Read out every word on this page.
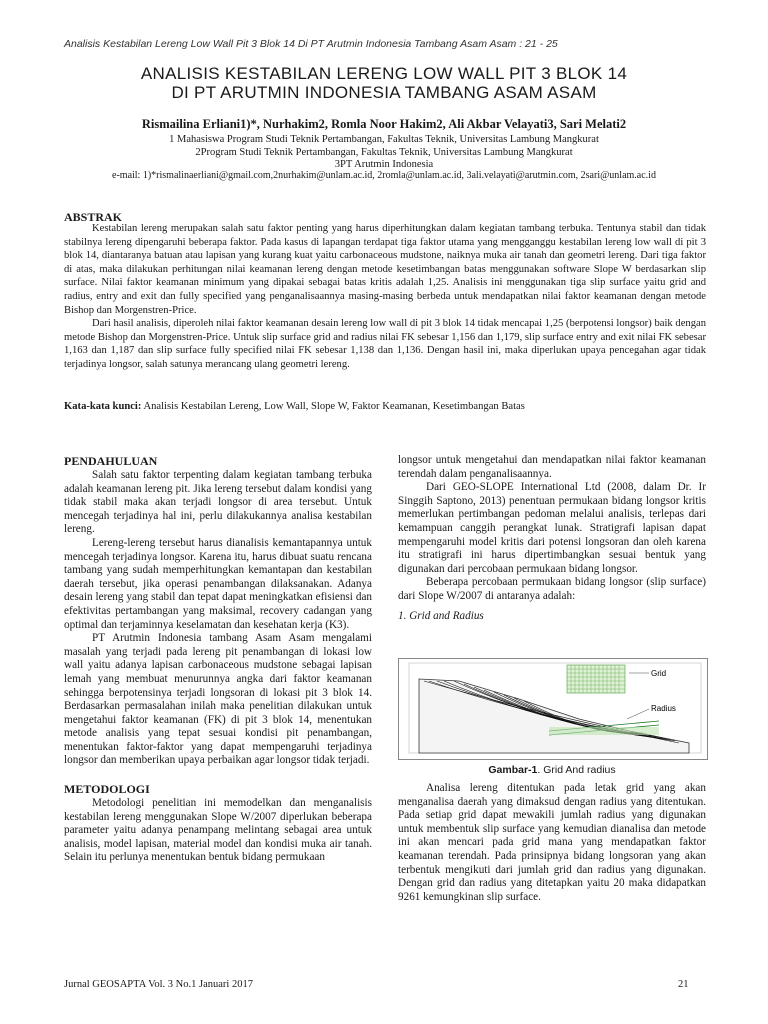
Analisis Kestabilan Lereng Low Wall Pit 3 Blok 14 Di PT Arutmin Indonesia Tambang Asam Asam : 21 - 25
ANALISIS KESTABILAN LERENG LOW WALL PIT 3 BLOK 14
DI PT ARUTMIN INDONESIA TAMBANG ASAM ASAM
Rismailina Erliani1)*, Nurhakim2, Romla Noor Hakim2, Ali Akbar Velayati3, Sari Melati2
1 Mahasiswa Program Studi Teknik Pertambangan, Fakultas Teknik, Universitas Lambung Mangkurat
2Program Studi Teknik Pertambangan, Fakultas Teknik, Universitas Lambung Mangkurat
3PT Arutmin Indonesia
e-mail: 1)*rismalinaerliani@gmail.com,2nurhakim@unlam.ac.id, 2romla@unlam.ac.id, 3ali.velayati@arutmin.com, 2sari@unlam.ac.id
ABSTRAK

Kestabilan lereng merupakan salah satu faktor penting yang harus diperhitungkan dalam kegiatan tambang terbuka. Tentunya stabil dan tidak stabilnya lereng dipengaruhi beberapa faktor. Pada kasus di lapangan terdapat tiga faktor utama yang mengganggu kestabilan lereng low wall di pit 3 blok 14, diantaranya batuan atau lapisan yang kurang kuat yaitu carbonaceous mudstone, naiknya muka air tanah dan geometri lereng. Dari tiga faktor di atas, maka dilakukan perhitungan nilai keamanan lereng dengan metode kesetimbangan batas menggunakan software Slope W berdasarkan slip surface. Nilai faktor keamanan minimum yang dipakai sebagai batas kritis adalah 1,25. Analisis ini menggunakan tiga slip surface yaitu grid and radius, entry and exit dan fully specified yang penganalisaannya masing-masing berbeda untuk mendapatkan nilai faktor keamanan dengan metode Bishop dan Morgenstren-Price.

Dari hasil analisis, diperoleh nilai faktor keamanan desain lereng low wall di pit 3 blok 14 tidak mencapai 1,25 (berpotensi longsor) baik dengan metode Bishop dan Morgenstren-Price. Untuk slip surface grid and radius nilai FK sebesar 1,156 dan 1,179, slip surface entry and exit nilai FK sebesar 1,163 dan 1,187 dan slip surface fully specified nilai FK sebesar 1,138 dan 1,136. Dengan hasil ini, maka diperlukan upaya pencegahan agar tidak terjadinya longsor, salah satunya merancang ulang geometri lereng.

Kata-kata kunci: Analisis Kestabilan Lereng, Low Wall, Slope W, Faktor Keamanan, Kesetimbangan Batas
PENDAHULUAN

Salah satu faktor terpenting dalam kegiatan tambang terbuka adalah keamanan lereng pit. Jika lereng tersebut dalam kondisi yang tidak stabil maka akan terjadi longsor di area tersebut. Untuk mencegah terjadinya hal ini, perlu dilakukannya analisa kestabilan lereng.

Lereng-lereng tersebut harus dianalisis kemantapannya untuk mencegah terjadinya longsor. Karena itu, harus dibuat suatu rencana tambang yang sudah memperhitungkan kemantapan dan kestabilan daerah tersebut, jika operasi penambangan dilaksanakan. Adanya desain lereng yang stabil dan tepat dapat meningkatkan efisiensi dan efektivitas pertambangan yang maksimal, recovery cadangan yang optimal dan terjaminnya keselamatan dan kesehatan kerja (K3).

PT Arutmin Indonesia tambang Asam Asam mengalami masalah yang terjadi pada lereng pit penambangan di lokasi low wall yaitu adanya lapisan carbonaceous mudstone sebagai lapisan lemah yang membuat menurunnya angka dari faktor keamanan sehingga berpotensinya terjadi longsoran di lokasi pit 3 blok 14. Berdasarkan permasalahan inilah maka penelitian dilakukan untuk mengetahui faktor keamanan (FK) di pit 3 blok 14, menentukan metode analisis yang tepat sesuai kondisi pit penambangan, menentukan faktor-faktor yang dapat mempengaruhi terjadinya longsor dan memberikan upaya perbaikan agar longsor tidak terjadi.

METODOLOGI

Metodologi penelitian ini memodelkan dan menganalisis kestabilan lereng menggunakan Slope W/2007 diperlukan beberapa parameter yaitu adanya penampang melintang sebagai area untuk analisis, model lapisan, material model dan kondisi muka air tanah. Selain itu perlunya menentukan bentuk bidang permukaan

longsor untuk mengetahui dan mendapatkan nilai faktor keamanan terendah dalam penganalisaannya.

Dari GEO-SLOPE International Ltd (2008, dalam Dr. Ir Singgih Saptono, 2013) penentuan permukaan bidang longsor kritis memerlukan pertimbangan pedoman melalui analisis, terlepas dari kemampuan canggih perangkat lunak. Stratigrafi lapisan dapat mempengaruhi model kritis dari potensi longsoran dan oleh karena itu stratigrafi ini harus dipertimbangkan sesuai bentuk yang digunakan dari percobaan permukaan bidang longsor.

Beberapa percobaan permukaan bidang longsor (slip surface) dari Slope W/2007 di antaranya adalah:

1. Grid and Radius

Grid
Radius
Gambar-1. Grid And radius

Analisa lereng ditentukan pada letak grid yang akan menganalisa daerah yang dimaksud dengan radius yang ditentukan. Pada setiap grid dapat mewakili jumlah radius yang digunakan untuk membentuk slip surface yang kemudian dianalisa dan metode ini akan mencari pada grid mana yang mendapatkan faktor keamanan terendah. Pada prinsipnya bidang longsoran yang akan terbentuk mengikuti dari jumlah grid dan radius yang digunakan. Dengan grid dan radius yang ditetapkan yaitu 20 maka didapatkan 9261 kemungkinan slip surface.

Jurnal GEOSAPTA Vol. 3 No.1 Januari 2017	21
